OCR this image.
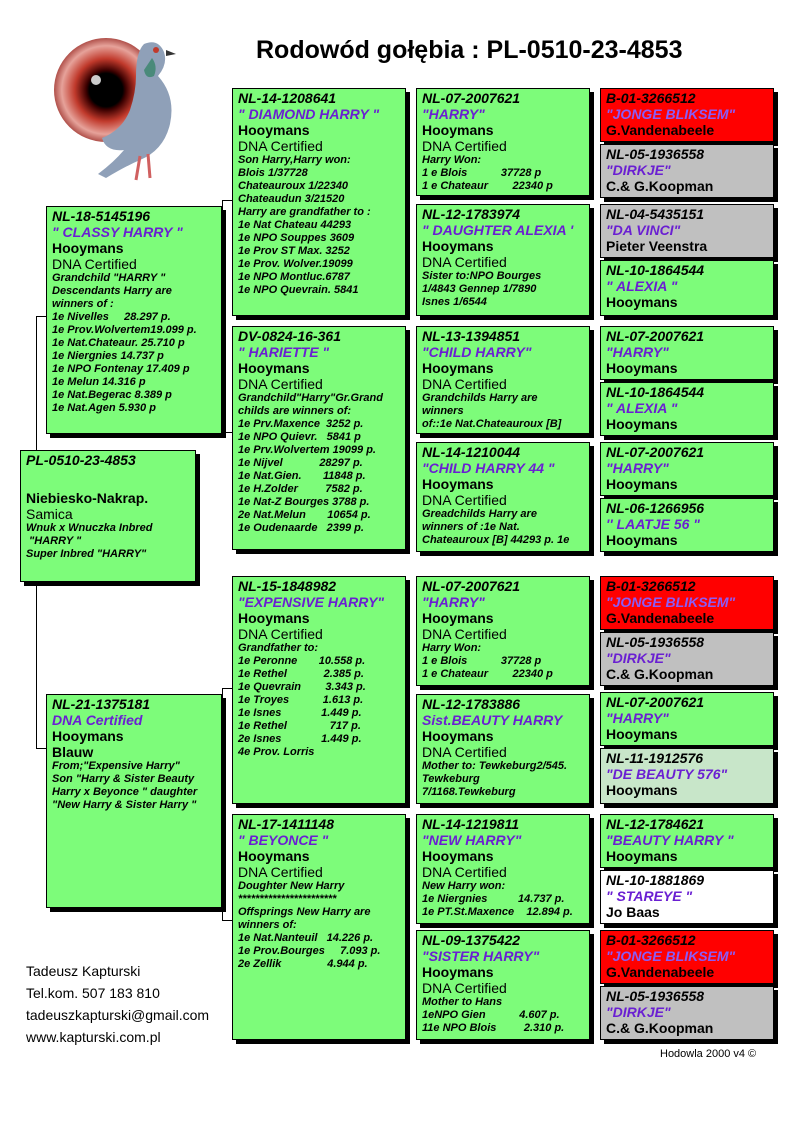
Rodowód gołębia : PL-0510-23-4853
PL-0510-23-4853
Niebiesko-Nakrap.
Samica
Wnuk x Wnuczka Inbred
"HARRY "
Super Inbred "HARRY"
NL-18-5145196
" CLASSY HARRY "
Hooymans
DNA Certified
Grandchild "HARRY "
Descendants Harry are
winners of :
1e Nivelles     28.297 p.
1e Prov.Wolvertem19.099 p.
1e Nat.Chateaur. 25.710 p
1e Niergnies 14.737 p
1e NPO Fontenay 17.409 p
1e Melun 14.316 p
1e Nat.Begerac 8.389 p
1e Nat.Agen 5.930 p
NL-21-1375181
DNA Certified
Hooymans
Blauw
From;"Expensive Harry"
Son "Harry & Sister Beauty
Harry x Beyonce " daughter
"New Harry & Sister Harry "
NL-14-1208641
" DIAMOND HARRY "
Hooymans
DNA Certified
Son Harry,Harry won:
Blois 1/37728
Chateauroux 1/22340
Chateaudun 3/21520
Harry are grandfather to :
1e Nat Chateau 44293
1e NPO Souppes 3609
1e Prov ST Max. 3252
1e Prov. Wolver.19099
1e NPO Montluc.6787
1e NPO Quevrain. 5841
DV-0824-16-361
" HARIETTE "
Hooymans
DNA Certified
Grandchild"Harry"Gr.Grand
childs are winners of:
1e Prv.Maxence  3252 p.
1e NPO Quievr.   5841 p
1e Prv.Wolvertem 19099 p.
1e Nijvel            28297 p.
1e Nat.Gien.       11848 p.
1e H.Zolder         7582 p.
1e Nat-Z Bourges 3788 p.
2e Nat.Melun       10654 p.
1e Oudenaarde   2399 p.
NL-15-1848982
"EXPENSIVE HARRY"
Hooymans
DNA Certified
Grandfather to:
1e Peronne       10.558 p.
1e Rethel            2.385 p.
1e Quevrain        3.343 p.
1e Troyes           1.613 p.
1e Isnes             1.449 p.
1e Rethel              717 p.
2e Isnes             1.449 p.
4e Prov. Lorris
NL-17-1411148
" BEYONCE "
Hooymans
DNA Certified
Doughter New Harry
***********************
Offsprings New Harry are
winners of:
1e Nat.Nanteuil   14.226 p.
1e Prov.Bourges     7.093 p.
2e Zellik               4.944 p.
NL-07-2007621
"HARRY"
Hooymans
DNA Certified
Harry Won:
1 e Blois           37728 p
1 e Chateaur        22340 p
NL-12-1783974
" DAUGHTER ALEXIA '
Hooymans
DNA Certified
Sister to:NPO Bourges
1/4843 Gennep 1/7890
Isnes 1/6544
NL-13-1394851
"CHILD HARRY"
Hooymans
DNA Certified
Grandchilds Harry are
winners
of::1e Nat.Chateauroux [B]
NL-14-1210044
"CHILD HARRY 44 "
Hooymans
DNA Certified
Greadchilds Harry are
winners of :1e Nat.
Chateauroux [B] 44293 p. 1e
NL-07-2007621
"HARRY"
Hooymans
DNA Certified
Harry Won:
1 e Blois           37728 p
1 e Chateaur        22340 p
NL-12-1783886
Sist.BEAUTY HARRY
Hooymans
DNA Certified
Mother to: Tewkeburg2/545.
Tewkeburg
7/1168.Tewkeburg
NL-14-1219811
"NEW HARRY"
Hooymans
DNA Certified
New Harry won:
1e Niergnies          14.737 p.
1e PT.St.Maxence    12.894 p.
NL-09-1375422
"SISTER HARRY"
Hooymans
DNA Certified
Mother to Hans
1eNPO Gien           4.607 p.
11e NPO Blois         2.310 p.
B-01-3266512
"JONGE BLIKSEM"
G.Vandenabeele
NL-05-1936558
"DIRKJE"
C.& G.Koopman
NL-04-5435151
"DA VINCI"
Pieter Veenstra
NL-10-1864544
" ALEXIA "
Hooymans
NL-07-2007621
"HARRY"
Hooymans
NL-10-1864544
" ALEXIA "
Hooymans
NL-07-2007621
"HARRY"
Hooymans
NL-06-1266956
'' LAATJE 56 "
Hooymans
B-01-3266512
"JONGE BLIKSEM"
G.Vandenabeele
NL-05-1936558
"DIRKJE"
C.& G.Koopman
NL-07-2007621
"HARRY"
Hooymans
NL-11-1912576
"DE BEAUTY 576"
Hooymans
NL-12-1784621
"BEAUTY HARRY "
Hooymans
NL-10-1881869
" STAREYE "
Jo Baas
B-01-3266512
"JONGE BLIKSEM"
G.Vandenabeele
NL-05-1936558
"DIRKJE"
C.& G.Koopman
Tadeusz Kapturski
Tel.kom. 507 183 810
tadeuszkapturski@gmail.com
www.kapturski.com.pl
Hodowla 2000 v4 ©
